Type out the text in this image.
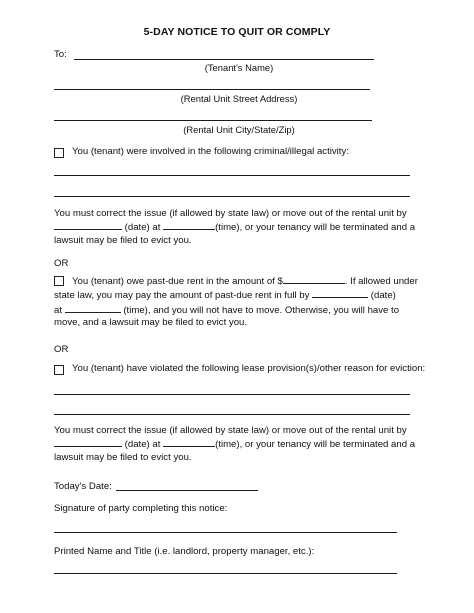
5-DAY NOTICE TO QUIT OR COMPLY
To:
(Tenant's Name)
(Rental Unit Street Address)
(Rental Unit City/State/Zip)
You (tenant) were involved in the following criminal/illegal activity:
You must correct the issue (if allowed by state law) or move out of the rental unit by
(date) at	(time), or your tenancy will be terminated and a
lawsuit may be filed to evict you.
OR
You (tenant) owe past-due rent in the amount of $	. If allowed under
state law, you may pay the amount of past-due rent in full by	(date)
at	(time), and you will not have to move. Otherwise, you will have to
move, and a lawsuit may be filed to evict you.
OR
You (tenant) have violated the following lease provision(s)/other reason for eviction:
You must correct the issue (if allowed by state law) or move out of the rental unit by
(date) at	(time), or your tenancy will be terminated and a
lawsuit may be filed to evict you.
Today's Date:
Signature of party completing this notice:
Printed Name and Title (i.e. landlord, property manager, etc.):
